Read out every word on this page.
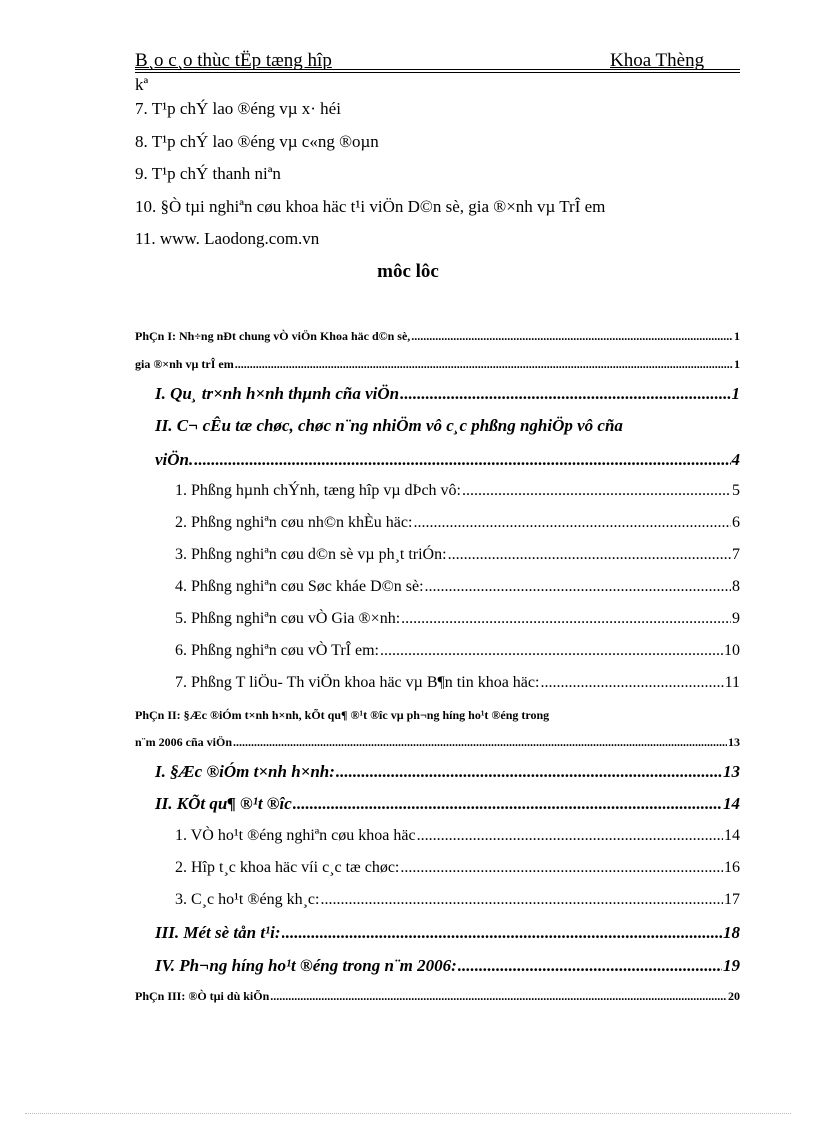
B¸o c¸o thùc tËp tæng hîp	Khoa Thèng
kª
7. T¹p chÝ lao ®éng vµ x· héi
8. T¹p chÝ lao ®éng vµ c«ng ®oµn
9. T¹p chÝ thanh niªn
10. §Ò tµi nghiªn cøu khoa häc t¹i viÖn D©n sè, gia ®×nh vµ TrÎ em
11. www. Laodong.com.vn
môc lôc
PhÇn I: Nh÷ng nÐt chung vÒ viÖn Khoa häc d©n sè, .....	1
gia ®×nh vµ trÎ em .....	1
I. Qu¸ tr×nh h×nh thµnh cña viÖn .....	1
II. C¬ cÊu tæ chøc, chøc n¨ng nhiÖm vô c¸c phßng nghiÖp vô cña
viÖn. .....	4
1. Phßng hµnh chÝnh, tæng hîp vµ dÞch vô: .....	5
2. Phßng nghiªn cøu nh©n khÈu häc: .....	6
3. Phßng nghiªn cøu d©n sè vµ ph¸t triÓn: .....	7
4. Phßng nghiªn cøu Søc kháe D©n sè: .....	8
5. Phßng nghiªn cøu vÒ Gia ®×nh: .....	9
6. Phßng nghiªn cøu vÒ TrÎ em: .....	10
7. Phßng T liÖu- Th viÖn khoa häc vµ B¶n tin khoa häc: .....	11
PhÇn II: §Æc ®iÓm t×nh h×nh, kÕt qu¶ ®¹t ®îc vµ ph¬ng híng ho¹t ®éng trong
n¨m 2006 cña viÖn .....	13
I. §Æc ®iÓm t×nh h×nh: .....	13
II. KÕt qu¶ ®¹t ®îc .....	14
1. VÒ ho¹t ®éng nghiªn cøu khoa häc .....	14
2. Hîp t¸c khoa häc víi c¸c tæ chøc: .....	16
3. C¸c ho¹t ®éng kh¸c: .....	17
III. Mét sè tån t¹i: .....	18
IV. Ph¬ng híng ho¹t ®éng trong n¨m 2006: .....	19
PhÇn III: ®Ò tµi dù kiÕn .....	20
